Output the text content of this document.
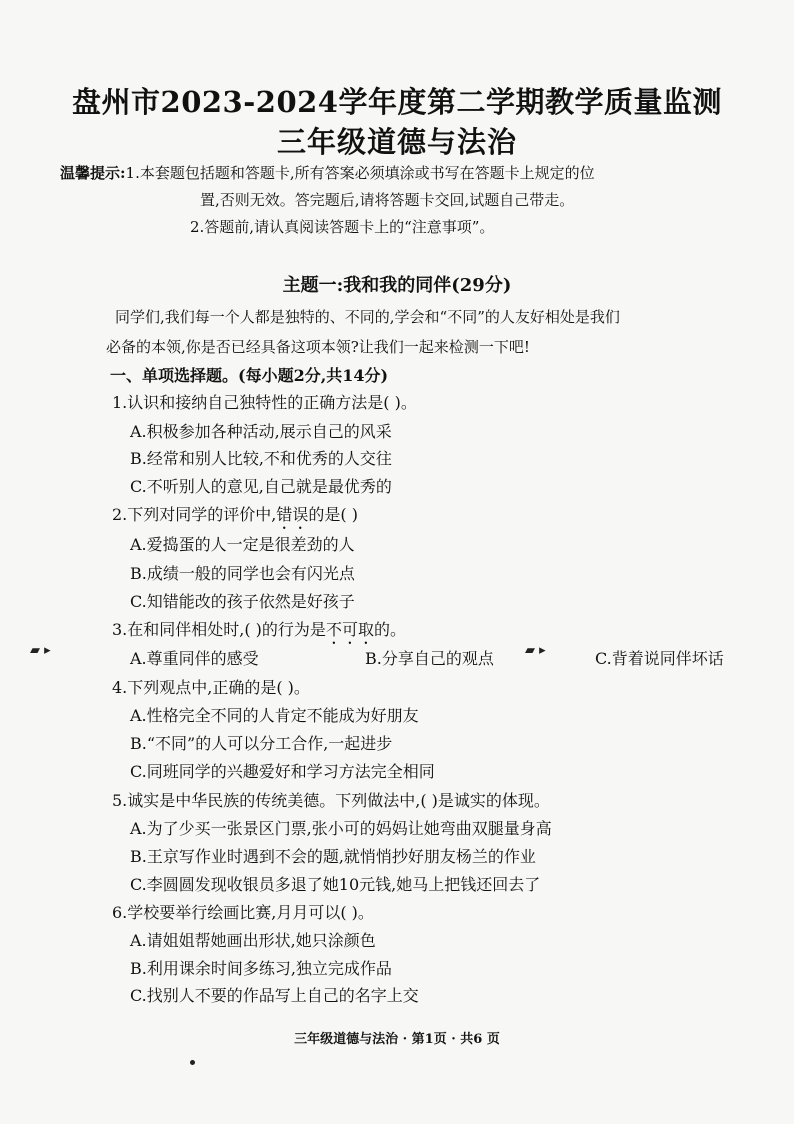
盘州市2023-2024学年度第二学期教学质量监测
三年级道德与法治
温馨提示:1.本套题包括题和答题卡,所有答案必须填涂或书写在答题卡上规定的位
置,否则无效。答完题后,请将答题卡交回,试题自己带走。
2.答题前,请认真阅读答题卡上的“注意事项”。
主题一:我和我的同伴(29分)
同学们,我们每一个人都是独特的、不同的,学会和“不同”的人友好相处是我们
必备的本领,你是否已经具备这项本领?让我们一起来检测一下吧!
一、单项选择题。(每小题2分,共14分)
1.认识和接纳自己独特性的正确方法是( )。
A.积极参加各种活动,展示自己的风采
B.经常和别人比较,不和优秀的人交往
C.不听别人的意见,自己就是最优秀的
2.下列对同学的评价中,错误的是( )
A.爱捣蛋的人一定是很差劲的人
B.成绩一般的同学也会有闪光点
C.知错能改的孩子依然是好孩子
3.在和同伴相处时,( )的行为是不可取的。
▰ ▸	A.尊重同伴的感受	B.分享自己的观点 ▰ ▸	C.背着说同伴坏话
4.下列观点中,正确的是( )。
A.性格完全不同的人肯定不能成为好朋友
B.“不同”的人可以分工合作,一起进步
C.同班同学的兴趣爱好和学习方法完全相同
5.诚实是中华民族的传统美德。下列做法中,( )是诚实的体现。
A.为了少买一张景区门票,张小可的妈妈让她弯曲双腿量身高
B.王京写作业时遇到不会的题,就悄悄抄好朋友杨兰的作业
C.李圆圆发现收银员多退了她10元钱,她马上把钱还回去了
6.学校要举行绘画比赛,月月可以( )。
A.请姐姐帮她画出形状,她只涂颜色
B.利用课余时间多练习,独立完成作品
C.找别人不要的作品写上自己的名字上交
三年级道德与法治 · 第1页 · 共6 页
